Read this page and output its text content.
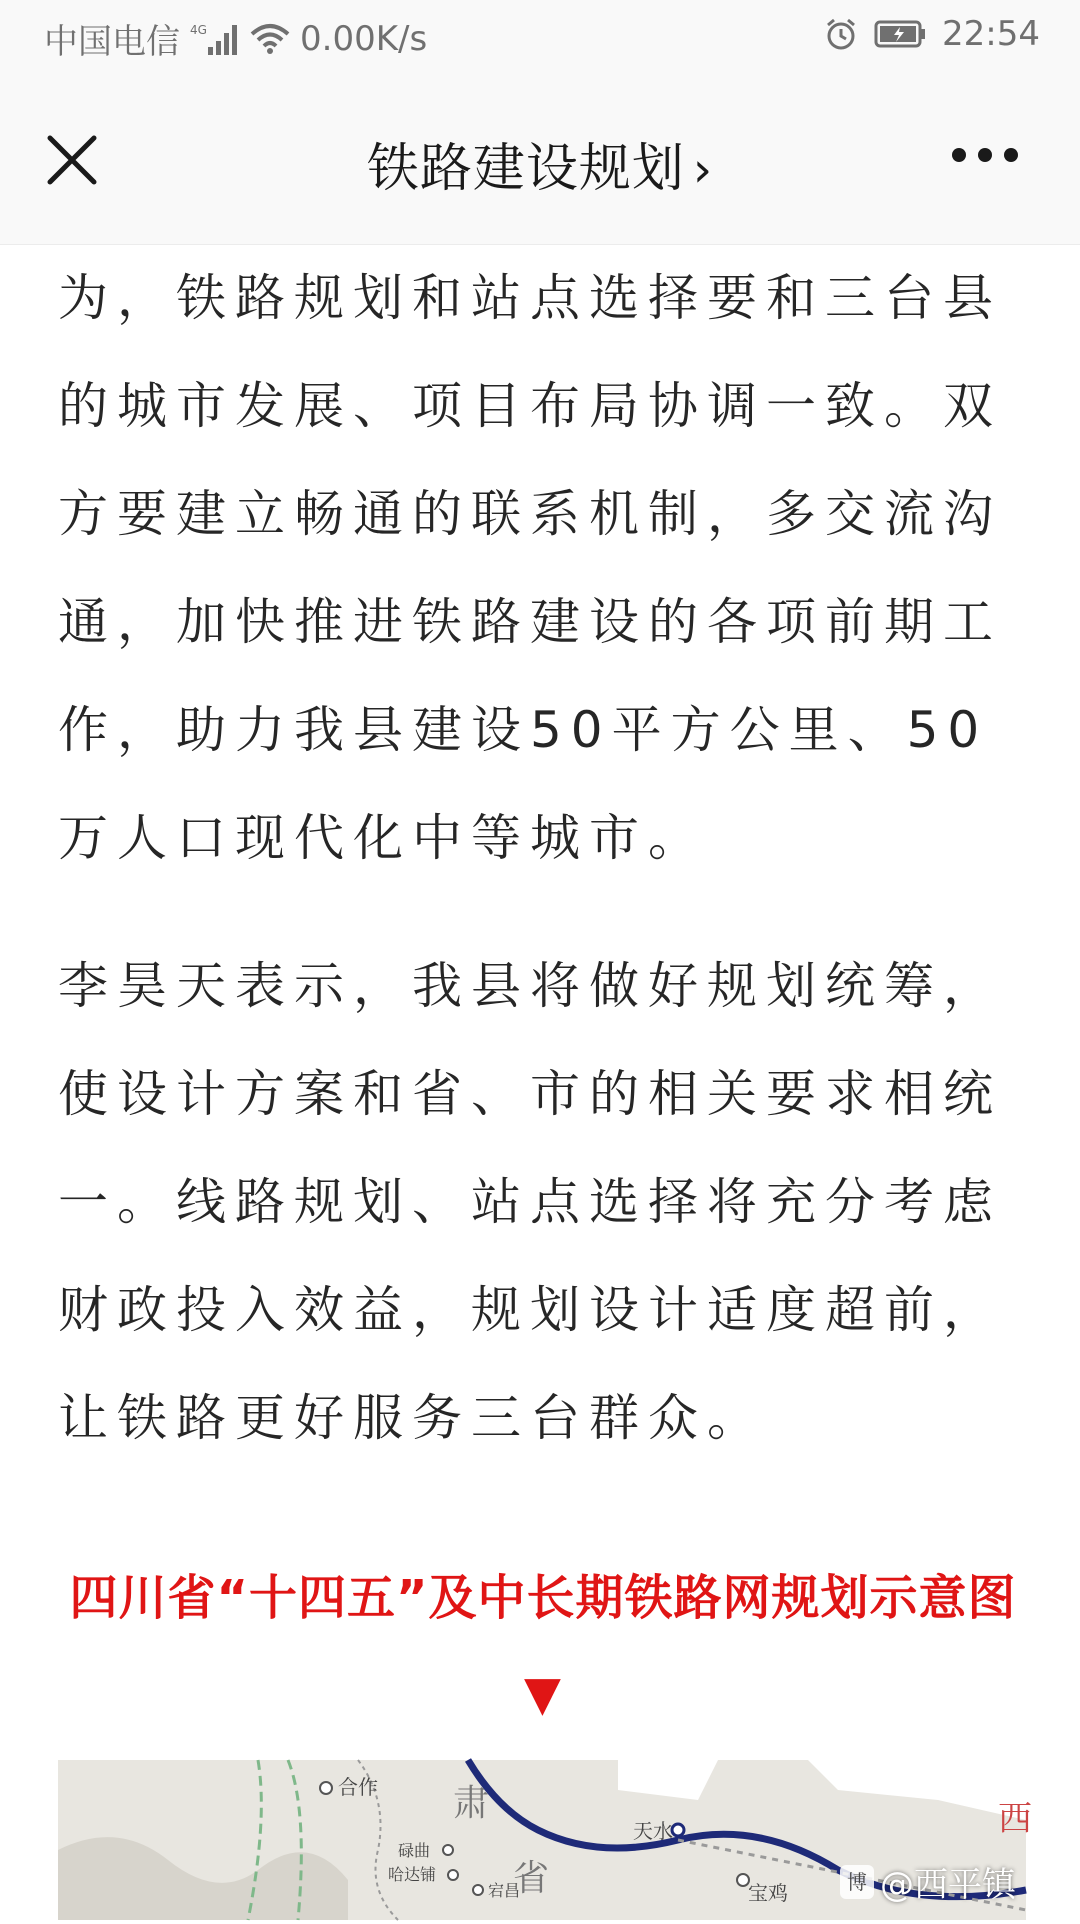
中国电信 4G	0.00K/s	22:54
铁路建设规划 ›

为，铁路规划和站点选择要和三台县的城市发展、项目布局协调一致。双方要建立畅通的联系机制，多交流沟通，加快推进铁路建设的各项前期工作，助力我县建设50平方公里、50万人口现代化中等城市。

李昊天表示，我县将做好规划统筹，使设计方案和省、市的相关要求相统一。线路规划、站点选择将充分考虑财政投入效益，规划设计适度超前，让铁路更好服务三台群众。

四川省“十四五”及中长期铁路网规划示意图▼
合作 肃
省
天水
碌曲
哈达铺
宕昌	宝鸡
西
博 @西平镇
